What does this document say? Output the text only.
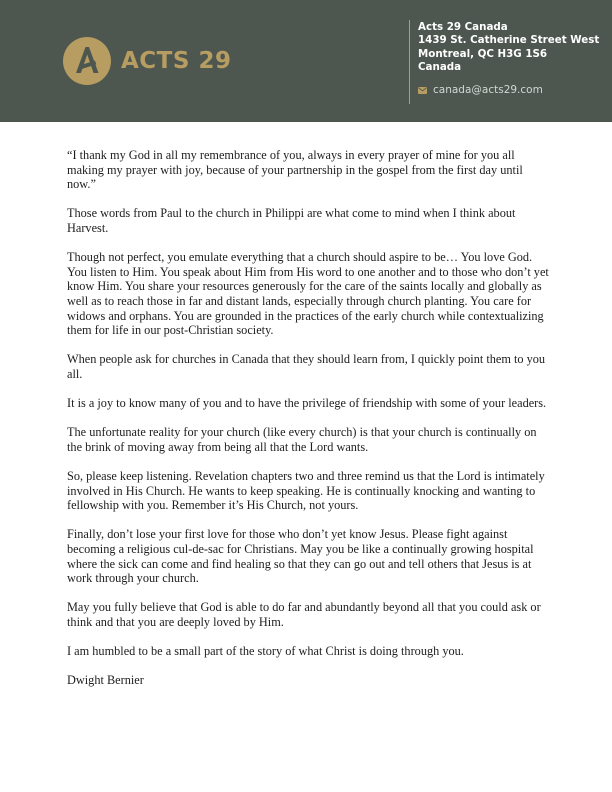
ACTS 29
Acts 29 Canada
1439 St. Catherine Street West
Montreal, QC H3G 1S6
Canada
canada@acts29.com

“I thank my God in all my remembrance of you, always in every prayer of mine for you all making my prayer with joy, because of your partnership in the gospel from the first day until now.”

Those words from Paul to the church in Philippi are what come to mind when I think about Harvest.

Though not perfect, you emulate everything that a church should aspire to be… You love God. You listen to Him. You speak about Him from His word to one another and to those who don’t yet know Him. You share your resources generously for the care of the saints locally and globally as well as to reach those in far and distant lands, especially through church planting. You care for widows and orphans. You are grounded in the practices of the early church while contextualizing them for life in our post-Christian society.

When people ask for churches in Canada that they should learn from, I quickly point them to you all.

It is a joy to know many of you and to have the privilege of friendship with some of your leaders.

The unfortunate reality for your church (like every church) is that your church is continually on the brink of moving away from being all that the Lord wants.

So, please keep listening. Revelation chapters two and three remind us that the Lord is intimately involved in His Church. He wants to keep speaking. He is continually knocking and wanting to fellowship with you. Remember it’s His Church, not yours.

Finally, don’t lose your first love for those who don’t yet know Jesus. Please fight against becoming a religious cul-de-sac for Christians. May you be like a continually growing hospital where the sick can come and find healing so that they can go out and tell others that Jesus is at work through your church.

May you fully believe that God is able to do far and abundantly beyond all that you could ask or think and that you are deeply loved by Him.

I am humbled to be a small part of the story of what Christ is doing through you.

Dwight Bernier
